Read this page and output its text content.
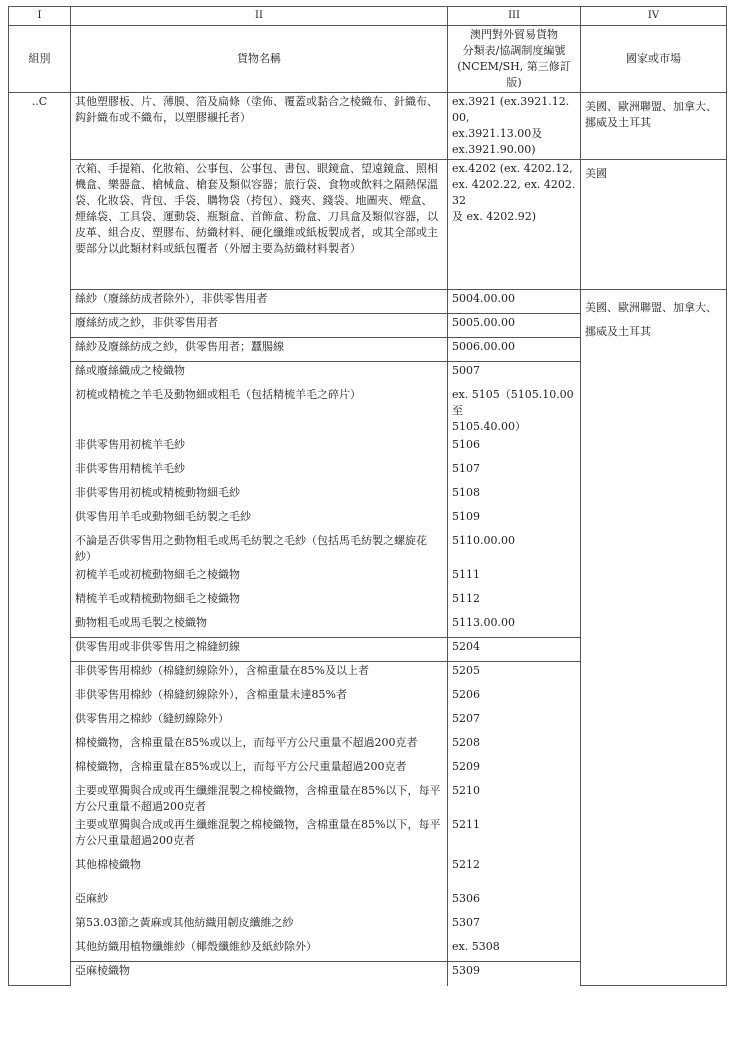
I	II	III	IV
組別	貨物名稱	澳門對外貿易貨物
分類表/協調制度編號
(NCEM/SH, 第三修訂版)	國家或市場
..C	其他塑膠板、片、薄膜、箔及扁條（塗佈、覆蓋或黏合之棱織布、針織布、鈎針織布或不織布，以塑膠襯托者）	ex.3921 (ex.3921.12.00,
ex.3921.13.00及
ex.3921.90.00)	美國、歐洲聯盟、加拿大、挪威及土耳其
	衣箱、手提箱、化妝箱、公事包、公事包、書包、眼鏡盒、望遠鏡盒、照相機盒、樂器盒、槍械盒、槍套及類似容器；旅行袋、食物或飲料之隔熱保溫袋、化妝袋、背包、手袋、購物袋（挎包）、錢夾、錢袋、地圖夾、煙盒、煙絲袋、工具袋、運動袋、瓶類盒、首飾盒、粉盒、刀具盒及類似容器，以皮革、組合皮、塑膠布、紡織材料、硬化纖維或紙板製成者，或其全部或主要部分以此類材料或紙包覆者（外層主要為紡織材料製者）	ex.4202 (ex. 4202.12,
ex. 4202.22, ex. 4202.32
及 ex. 4202.92)	美國
	絲紗（廢絲紡成者除外），非供零售用者	5004.00.00	美國、歐洲聯盟、加拿大、挪威及土耳其
	廢絲紡成之紗，非供零售用者	5005.00.00	

	絲紗及廢絲紡成之紗，供零售用者；蠶腸線	5006.00.00	

	絲或廢絲織成之棱織物	5007	

	初梳或精梳之羊毛及動物細或粗毛（包括精梳羊毛之碎片）	ex. 5105（5105.10.00 至
5105.40.00）	

	非供零售用初梳羊毛紗	5106	

	非供零售用精梳羊毛紗	5107	

	非供零售用初梳或精梳動物細毛紗	5108	

	供零售用羊毛或動物細毛紡製之毛紗	5109	

	不論是否供零售用之動物粗毛或馬毛紡製之毛紗（包括馬毛紡製之螺旋花紗）	5110.00.00	

	初梳羊毛或初梳動物細毛之棱織物	5111	

	精梳羊毛或精梳動物細毛之棱織物	5112	

	動物粗毛或馬毛製之棱織物	5113.00.00	

	供零售用或非供零售用之棉縫紉線	5204	

	非供零售用棉紗（棉縫紉線除外），含棉重量在85%及以上者	5205	

	非供零售用棉紗（棉縫紉線除外），含棉重量未達85%者	5206	

	供零售用之棉紗（縫紉線除外）	5207	

	棉棱織物，含棉重量在85%或以上，而每平方公尺重量不超過200克者	5208	

	棉棱織物，含棉重量在85%或以上，而每平方公尺重量超過200克者	5209	

	主要或單獨與合成或再生纖維混製之棉棱織物，含棉重量在85%以下，每平方公尺重量不超過200克者	5210	

	主要或單獨與合成或再生纖維混製之棉棱織物，含棉重量在85%以下，每平方公尺重量超過200克者	5211	

	其他棉棱織物	5212	

	亞麻紗	5306	

	第53.03節之黃麻或其他紡織用韌皮纖維之紗	5307	

	其他紡織用植物纖維紗（椰殼纖維紗及紙紗除外）	ex. 5308	

	亞麻棱織物	5309	
